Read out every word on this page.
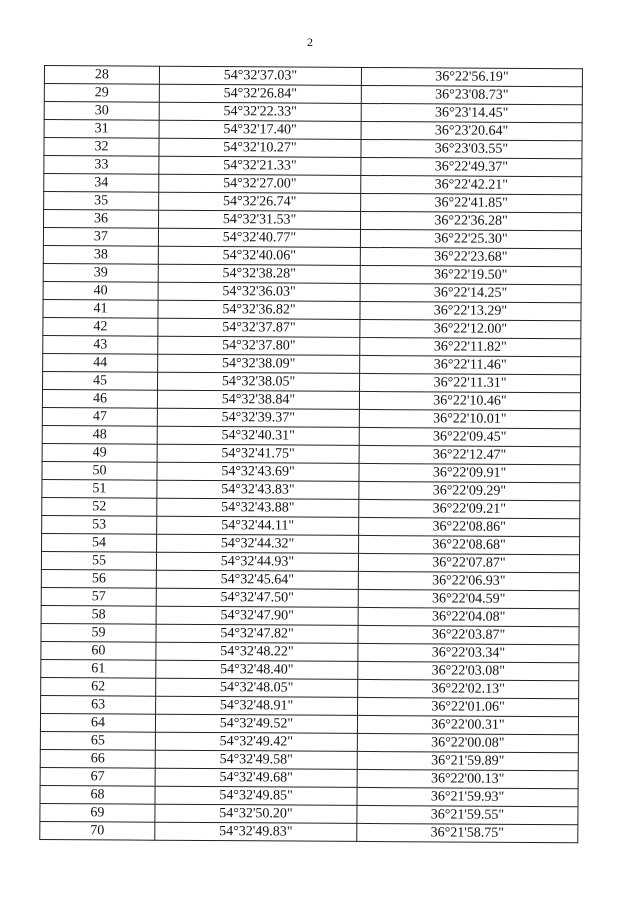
2
28	54°32'37.03"	36°22'56.19"
29	54°32'26.84"	36°23'08.73"
30	54°32'22.33"	36°23'14.45"
31	54°32'17.40"	36°23'20.64"
32	54°32'10.27"	36°23'03.55"
33	54°32'21.33"	36°22'49.37"
34	54°32'27.00"	36°22'42.21"
35	54°32'26.74"	36°22'41.85"
36	54°32'31.53"	36°22'36.28"
37	54°32'40.77"	36°22'25.30"
38	54°32'40.06"	36°22'23.68"
39	54°32'38.28"	36°22'19.50"
40	54°32'36.03"	36°22'14.25"
41	54°32'36.82"	36°22'13.29"
42	54°32'37.87"	36°22'12.00"
43	54°32'37.80"	36°22'11.82"
44	54°32'38.09"	36°22'11.46"
45	54°32'38.05"	36°22'11.31"
46	54°32'38.84"	36°22'10.46"
47	54°32'39.37"	36°22'10.01"
48	54°32'40.31"	36°22'09.45"
49	54°32'41.75"	36°22'12.47"
50	54°32'43.69"	36°22'09.91"
51	54°32'43.83"	36°22'09.29"
52	54°32'43.88"	36°22'09.21"
53	54°32'44.11"	36°22'08.86"
54	54°32'44.32"	36°22'08.68"
55	54°32'44.93"	36°22'07.87"
56	54°32'45.64"	36°22'06.93"
57	54°32'47.50"	36°22'04.59"
58	54°32'47.90"	36°22'04.08"
59	54°32'47.82"	36°22'03.87"
60	54°32'48.22"	36°22'03.34"
61	54°32'48.40"	36°22'03.08"
62	54°32'48.05"	36°22'02.13"
63	54°32'48.91"	36°22'01.06"
64	54°32'49.52"	36°22'00.31"
65	54°32'49.42"	36°22'00.08"
66	54°32'49.58"	36°21'59.89"
67	54°32'49.68"	36°22'00.13"
68	54°32'49.85"	36°21'59.93"
69	54°32'50.20"	36°21'59.55"
70	54°32'49.83"	36°21'58.75"
